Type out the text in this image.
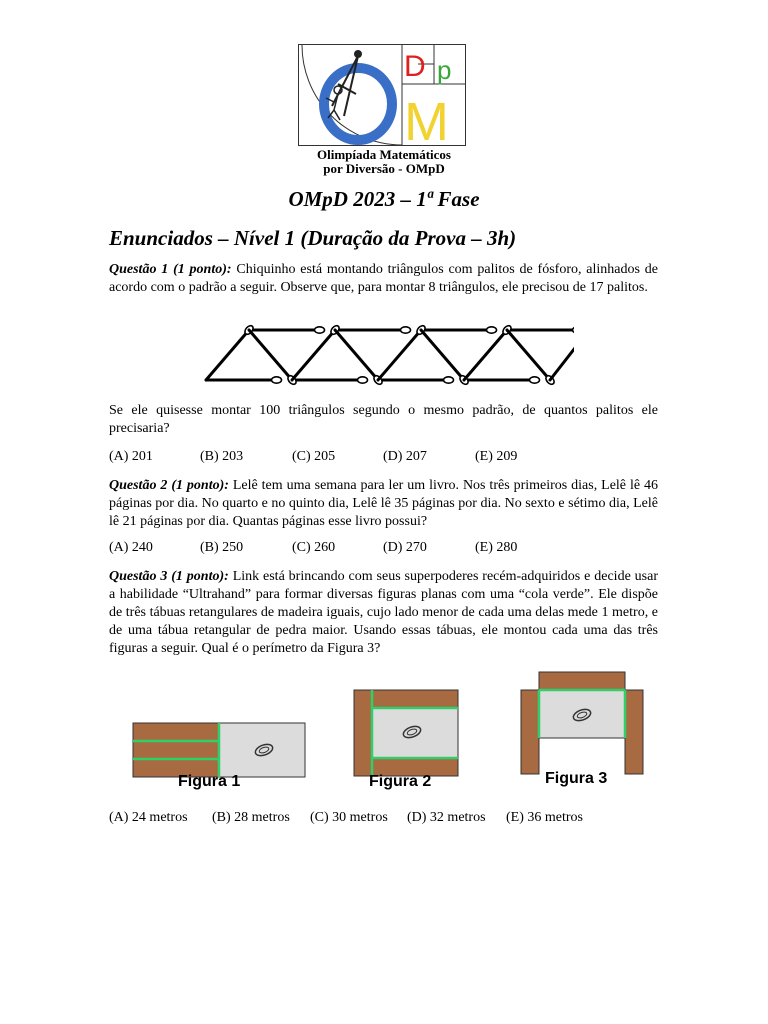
D p
M
Olimpíada Matemáticos
por Diversão - OMpD
OMpD 2023 – 1ª Fase
Enunciados – Nível 1 (Duração da Prova – 3h)
Questão 1 (1 ponto): Chiquinho está montando triângulos com palitos de fósforo, alinhados de acordo com o padrão a seguir. Observe que, para montar 8 triângulos, ele precisou de 17 palitos.
Se ele quisesse montar 100 triângulos segundo o mesmo padrão, de quantos palitos ele precisaria?
(A) 201	(B) 203	(C) 205	(D) 207	(E) 209
Questão 2 (1 ponto): Lelê tem uma semana para ler um livro. Nos três primeiros dias, Lelê lê 46 páginas por dia. No quarto e no quinto dia, Lelê lê 35 páginas por dia. No sexto e sétimo dia, Lelê lê 21 páginas por dia. Quantas páginas esse livro possui?
(A) 240	(B) 250	(C) 260	(D) 270	(E) 280
Questão 3 (1 ponto): Link está brincando com seus superpoderes recém-adquiridos e decide usar a habilidade “Ultrahand” para formar diversas figuras planas com uma “cola verde”. Ele dispõe de três tábuas retangulares de madeira iguais, cujo lado menor de cada uma delas mede 1 metro, e de uma tábua retangular de pedra maior. Usando essas tábuas, ele montou cada uma das três figuras a seguir. Qual é o perímetro da Figura 3?
Figura 1	Figura 2	Figura 3
(A) 24 metros (B) 28 metros (C) 30 metros (D) 32 metros (E) 36 metros
